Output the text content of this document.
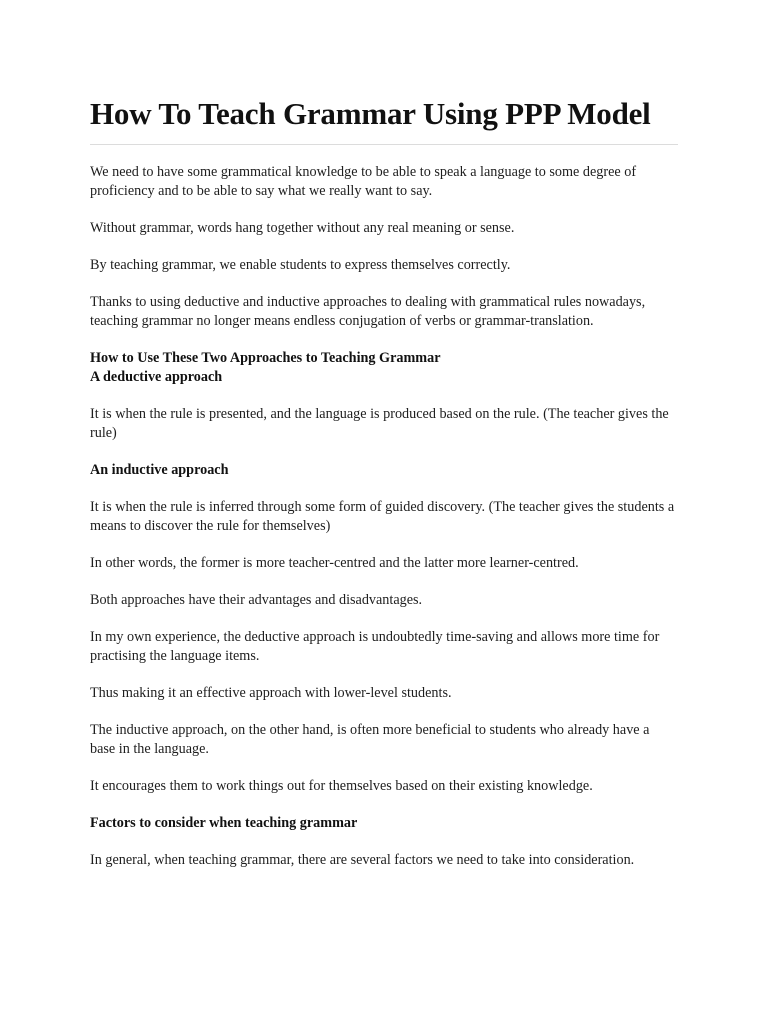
How To Teach Grammar Using PPP Model

We need to have some grammatical knowledge to be able to speak a language to some degree of proficiency and to be able to say what we really want to say.

Without grammar, words hang together without any real meaning or sense.

By teaching grammar, we enable students to express themselves correctly.

Thanks to using deductive and inductive approaches to dealing with grammatical rules nowadays, teaching grammar no longer means endless conjugation of verbs or grammar-translation.

How to Use These Two Approaches to Teaching Grammar

A deductive approach

It is when the rule is presented, and the language is produced based on the rule. (The teacher gives the rule)

An inductive approach

It is when the rule is inferred through some form of guided discovery. (The teacher gives the students a means to discover the rule for themselves)

In other words, the former is more teacher-centred and the latter more learner-centred.

Both approaches have their advantages and disadvantages.

In my own experience, the deductive approach is undoubtedly time-saving and allows more time for practising the language items.

Thus making it an effective approach with lower-level students.

The inductive approach, on the other hand, is often more beneficial to students who already have a base in the language.

It encourages them to work things out for themselves based on their existing knowledge.

Factors to consider when teaching grammar

In general, when teaching grammar, there are several factors we need to take into consideration.
